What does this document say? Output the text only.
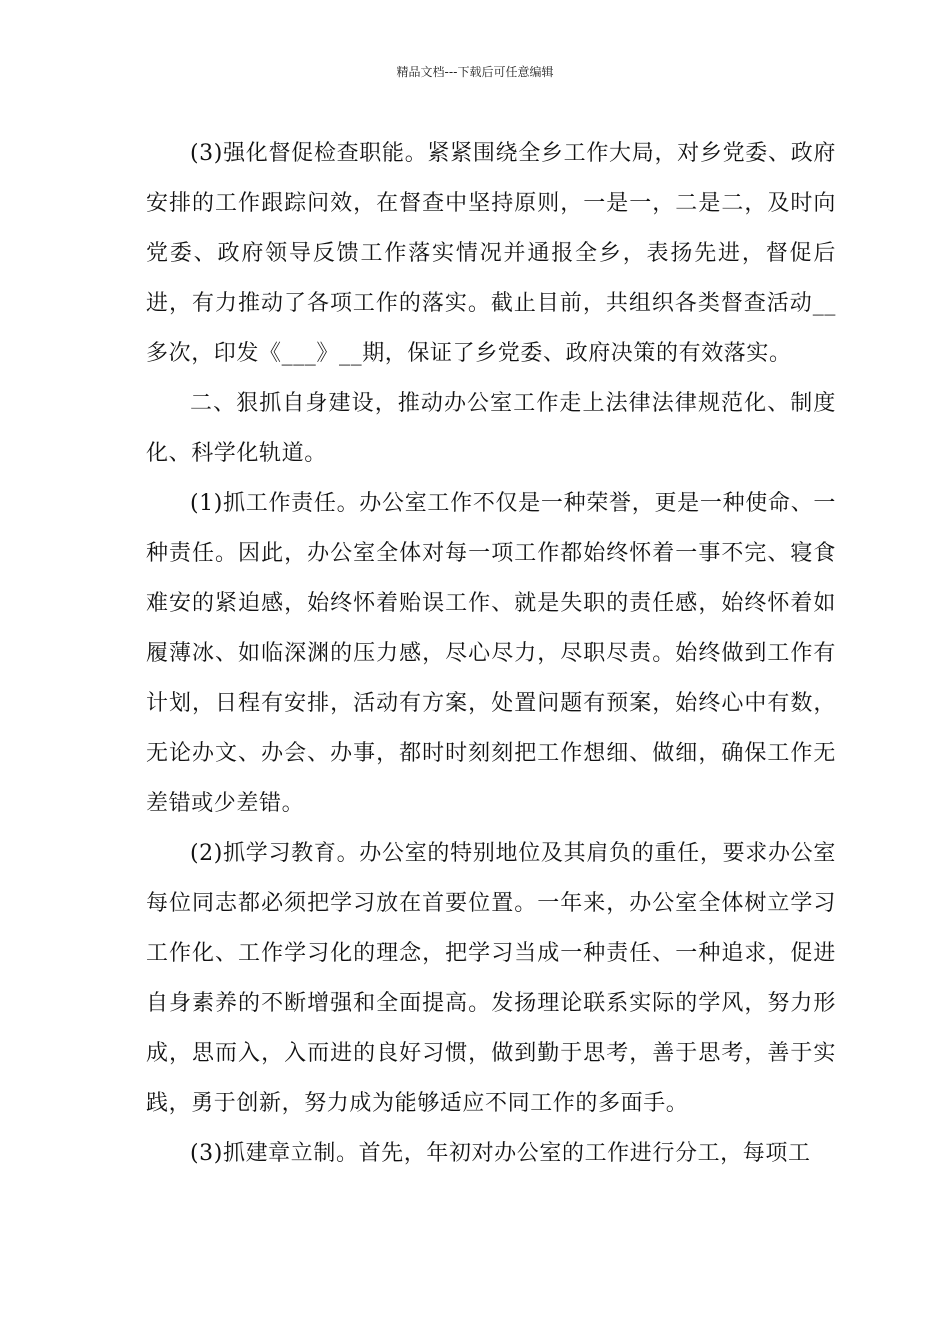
精品文档---下载后可任意编辑

(3)强化督促检查职能。紧紧围绕全乡工作大局，对乡党委、政府安排的工作跟踪问效，在督查中坚持原则，一是一，二是二，及时向党委、政府领导反馈工作落实情况并通报全乡，表扬先进，督促后进，有力推动了各项工作的落实。截止目前，共组织各类督查活动__多次，印发《___》__期，保证了乡党委、政府决策的有效落实。

二、狠抓自身建设，推动办公室工作走上法律法律规范化、制度化、科学化轨道。

(1)抓工作责任。办公室工作不仅是一种荣誉，更是一种使命、一种责任。因此，办公室全体对每一项工作都始终怀着一事不完、寝食难安的紧迫感，始终怀着贻误工作、就是失职的责任感，始终怀着如履薄冰、如临深渊的压力感，尽心尽力，尽职尽责。始终做到工作有计划，日程有安排，活动有方案，处置问题有预案，始终心中有数，无论办文、办会、办事，都时时刻刻把工作想细、做细，确保工作无差错或少差错。

(2)抓学习教育。办公室的特别地位及其肩负的重任，要求办公室每位同志都必须把学习放在首要位置。一年来，办公室全体树立学习工作化、工作学习化的理念，把学习当成一种责任、一种追求，促进自身素养的不断增强和全面提高。发扬理论联系实际的学风，努力形成，思而入，入而进的良好习惯，做到勤于思考，善于思考，善于实践，勇于创新，努力成为能够适应不同工作的多面手。

(3)抓建章立制。首先，年初对办公室的工作进行分工，每项工
